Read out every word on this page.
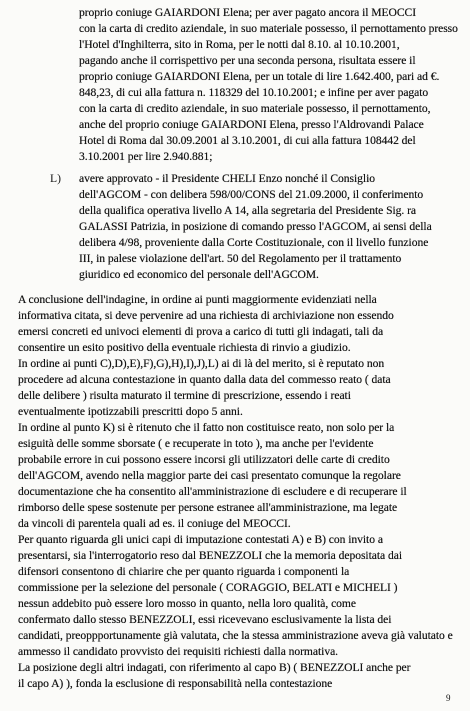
proprio coniuge GAIARDONI Elena; per aver pagato ancora il MEOCCI
con la carta di credito aziendale, in suo materiale possesso, il pernottamento presso
l'Hotel d'Inghilterra, sito in Roma, per le notti dal 8.10. al 10.10.2001,
pagando anche il corrispettivo per una seconda persona, risultata essere il
proprio coniuge GAIARDONI Elena, per un totale di lire 1.642.400, pari ad €.
848,23, di cui alla fattura n. 118329 del 10.10.2001; e infine per aver pagato
con la carta di credito aziendale, in suo materiale possesso, il pernottamento,
anche del proprio coniuge GAIARDONI Elena, presso l'Aldrovandi Palace
Hotel di Roma dal 30.09.2001 al 3.10.2001, di cui alla fattura 108442 del
3.10.2001 per lire 2.940.881;
L) avere approvato - il Presidente CHELI Enzo nonché il Consiglio
dell'AGCOM - con delibera 598/00/CONS del 21.09.2000, il conferimento
della qualifica operativa livello A 14, alla segretaria del Presidente Sig. ra
GALASSI Patrizia, in posizione di comando presso l'AGCOM, ai sensi della
delibera 4/98, proveniente dalla Corte Costituzionale, con il livello funzione
III, in palese violazione dell'art. 50 del Regolamento per il trattamento
giuridico ed economico del personale dell'AGCOM.
A conclusione dell'indagine, in ordine ai punti maggiormente evidenziati nella
informativa citata, si deve pervenire ad una richiesta di archiviazione non essendo
emersi concreti ed univoci elementi di prova a carico di tutti gli indagati, tali da
consentire un esito positivo della eventuale richiesta di rinvio a giudizio.
In ordine ai punti C),D),E),F),G),H),I),J),L) ai di là del merito, si è reputato non
procedere ad alcuna contestazione in quanto dalla data del commesso reato ( data
delle delibere ) risulta maturato il termine di prescrizione, essendo i reati
eventualmente ipotizzabili prescritti dopo 5 anni.
In ordine al punto K) si è ritenuto che il fatto non costituisce reato, non solo per la
esiguità delle somme sborsate ( e recuperate in toto ), ma anche per l'evidente
probabile errore in cui possono essere incorsi gli utilizzatori delle carte di credito
dell'AGCOM, avendo nella maggior parte dei casi presentato comunque la regolare
documentazione che ha consentito all'amministrazione di escludere e di recuperare il
rimborso delle spese sostenute per persone estranee all'amministrazione, ma legate
da vincoli di parentela quali ad es. il coniuge del MEOCCI.
Per quanto riguarda gli unici capi di imputazione contestati A) e B) con invito a
presentarsi, sia l'interrogatorio reso dal BENEZZOLI che la memoria depositata dai
difensori consentono di chiarire che per quanto riguarda i componenti la
commissione per la selezione del personale ( CORAGGIO, BELATI e MICHELI )
nessun addebito può essere loro mosso in quanto, nella loro qualità, come
confermato dallo stesso BENEZZOLI, essi ricevevano esclusivamente la lista dei
candidati, preoppportunamente già valutata, che la stessa amministrazione aveva già valutato e
ammesso il candidato provvisto dei requisiti richiesti dalla normativa.
La posizione degli altri indagati, con riferimento al capo B) ( BENEZZOLI anche per
il capo A) ), fonda la esclusione di responsabilità nella contestazione
9
